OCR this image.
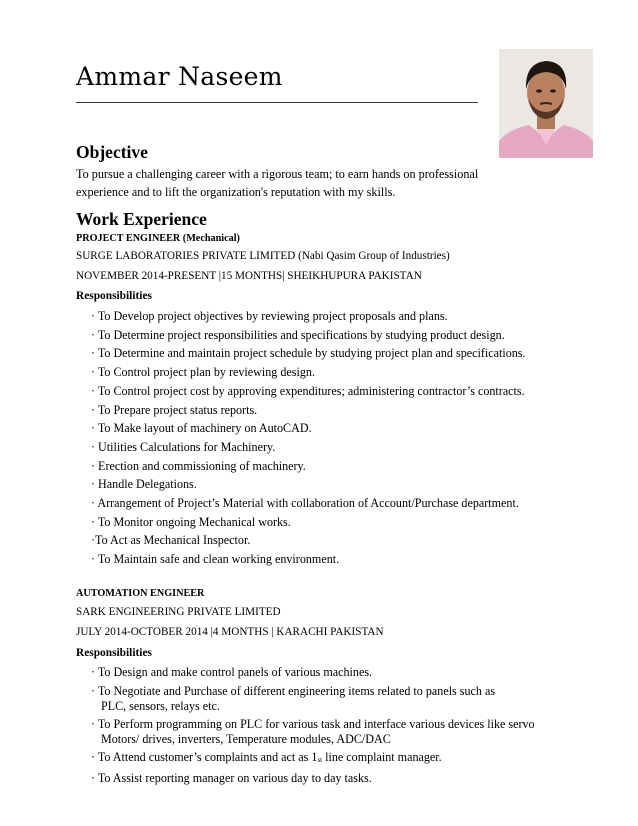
Ammar Naseem
Objective
To pursue a challenging career with a rigorous team; to earn hands on professional
experience and to lift the organization's reputation with my skills.
Work Experience
PROJECT ENGINEER (Mechanical)
SURGE LABORATORIES PRIVATE LIMITED (Nabi Qasim Group of Industries)
NOVEMBER 2014-PRESENT |15 MONTHS| SHEIKHUPURA PAKISTAN
Responsibilities
· To Develop project objectives by reviewing project proposals and plans.
· To Determine project responsibilities and specifications by studying product design.
· To Determine and maintain project schedule by studying project plan and specifications.
· To Control project plan by reviewing design.
· To Control project cost by approving expenditures; administering contractor’s contracts.
· To Prepare project status reports.
· To Make layout of machinery on AutoCAD.
· Utilities Calculations for Machinery.
· Erection and commissioning of machinery.
· Handle Delegations.
· Arrangement of Project’s Material with collaboration of Account/Purchase department.
· To Monitor ongoing Mechanical works.
·To Act as Mechanical Inspector.
· To Maintain safe and clean working environment.
AUTOMATION ENGINEER
SARK ENGINEERING PRIVATE LIMITED
JULY 2014-OCTOBER 2014 |4 MONTHS | KARACHI PAKISTAN
Responsibilities
· To Design and make control panels of various machines.
· To Negotiate and Purchase of different engineering items related to panels such as
PLC, sensors, relays etc.
· To Perform programming on PLC for various task and interface various devices like servo
Motors/ drives, inverters, Temperature modules, ADC/DAC
· To Attend customer’s complaints and act as $1_{st}$ line complaint manager.
· To Assist reporting manager on various day to day tasks.
